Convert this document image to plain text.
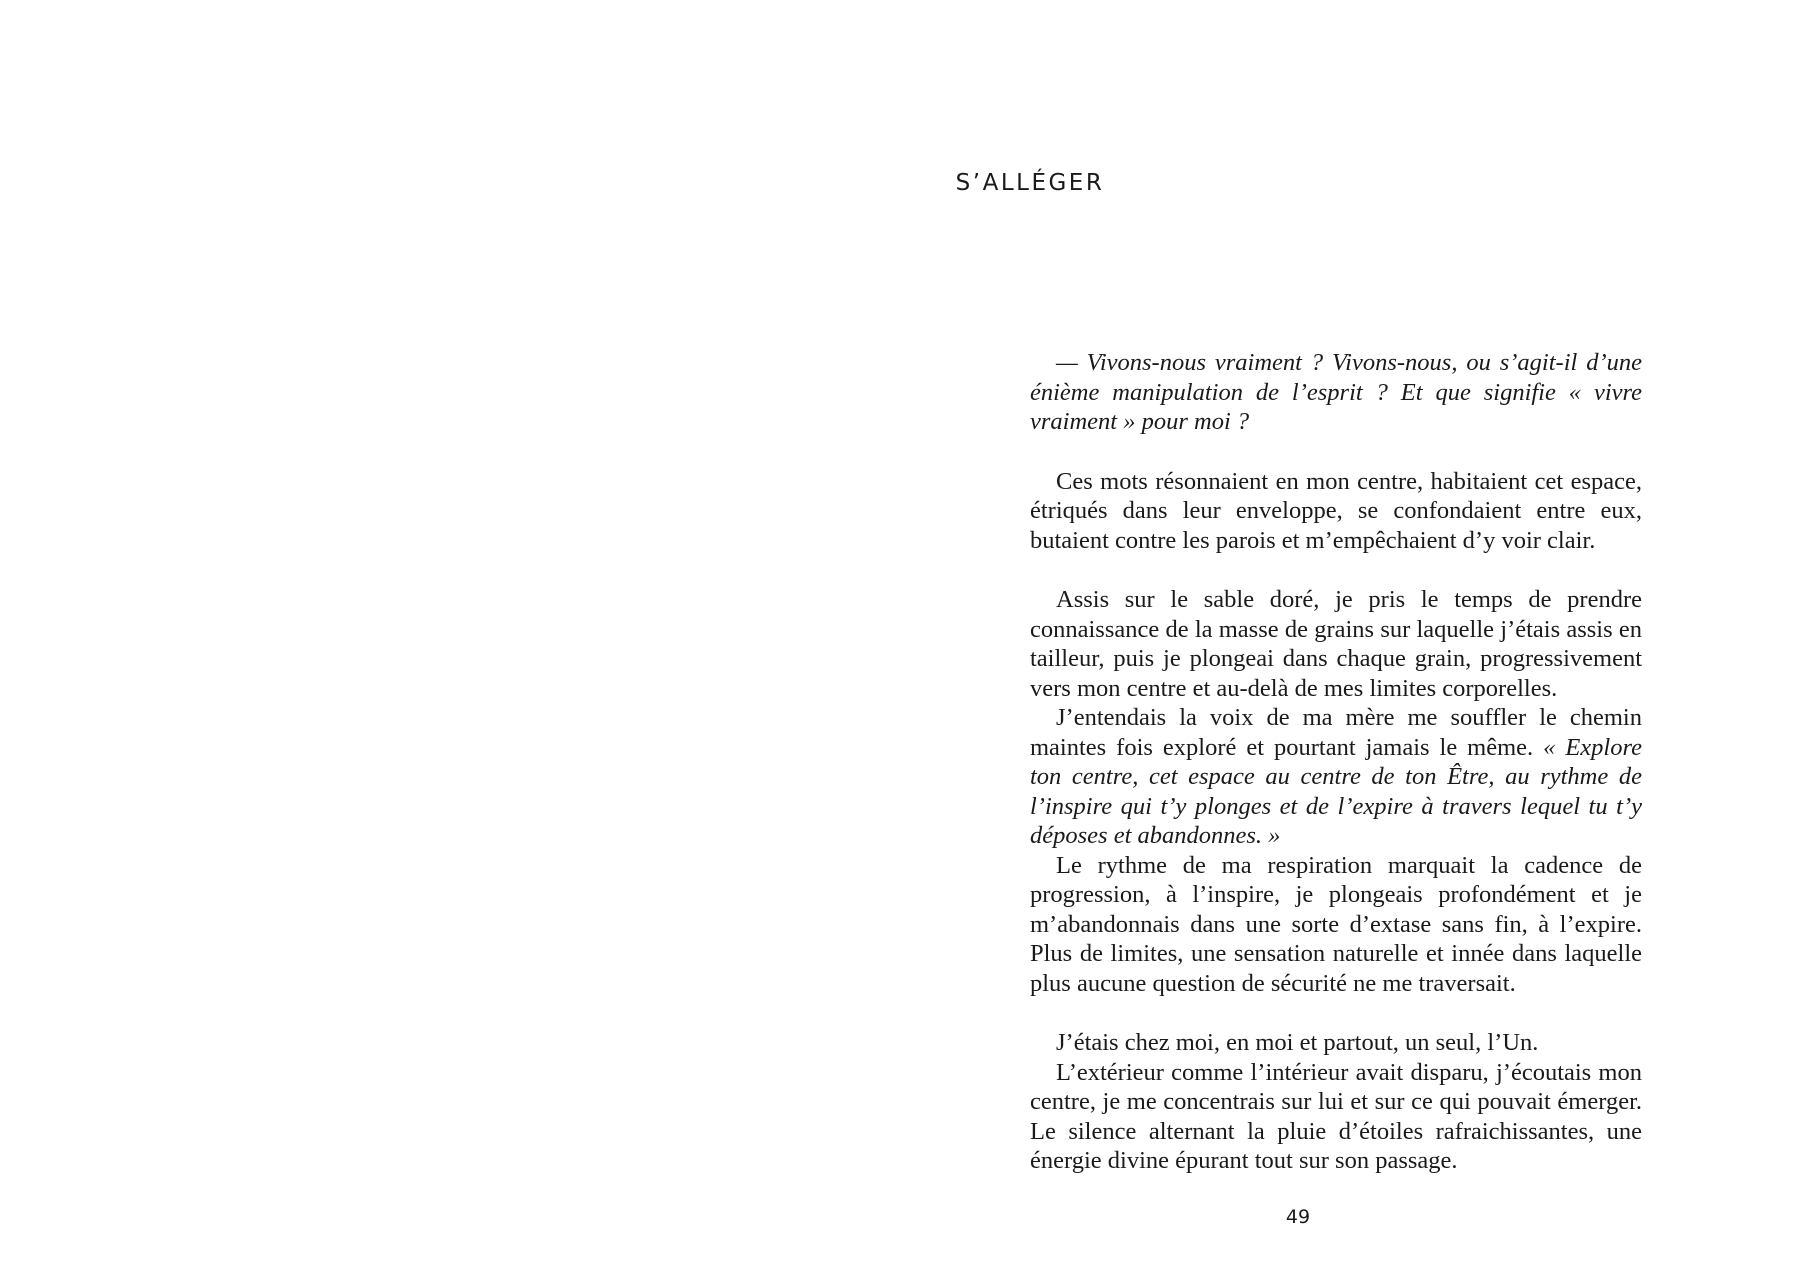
S’ALLÉGER

— Vivons-nous vraiment ? Vivons-nous, ou s’agit-il d’une énième manipulation de l’esprit ? Et que signifie « vivre vraiment » pour moi ?

Ces mots résonnaient en mon centre, habitaient cet espace, étriqués dans leur enveloppe, se confondaient entre eux, butaient contre les parois et m’empêchaient d’y voir clair.

Assis sur le sable doré, je pris le temps de prendre connaissance de la masse de grains sur laquelle j’étais assis en tailleur, puis je plongeai dans chaque grain, progressivement vers mon centre et au-delà de mes limites corporelles.

J’entendais la voix de ma mère me souffler le chemin maintes fois exploré et pourtant jamais le même. « Explore ton centre, cet espace au centre de ton Être, au rythme de l’inspire qui t’y plonges et de l’expire à travers lequel tu t’y déposes et abandonnes. »

Le rythme de ma respiration marquait la cadence de progression, à l’inspire, je plongeais profondément et je m’abandonnais dans une sorte d’extase sans fin, à l’expire. Plus de limites, une sensation naturelle et innée dans laquelle plus aucune question de sécurité ne me traversait.

J’étais chez moi, en moi et partout, un seul, l’Un.

L’extérieur comme l’intérieur avait disparu, j’écoutais mon centre, je me concentrais sur lui et sur ce qui pouvait émerger. Le silence alternant la pluie d’étoiles rafraichissantes, une énergie divine épurant tout sur son passage.

49
